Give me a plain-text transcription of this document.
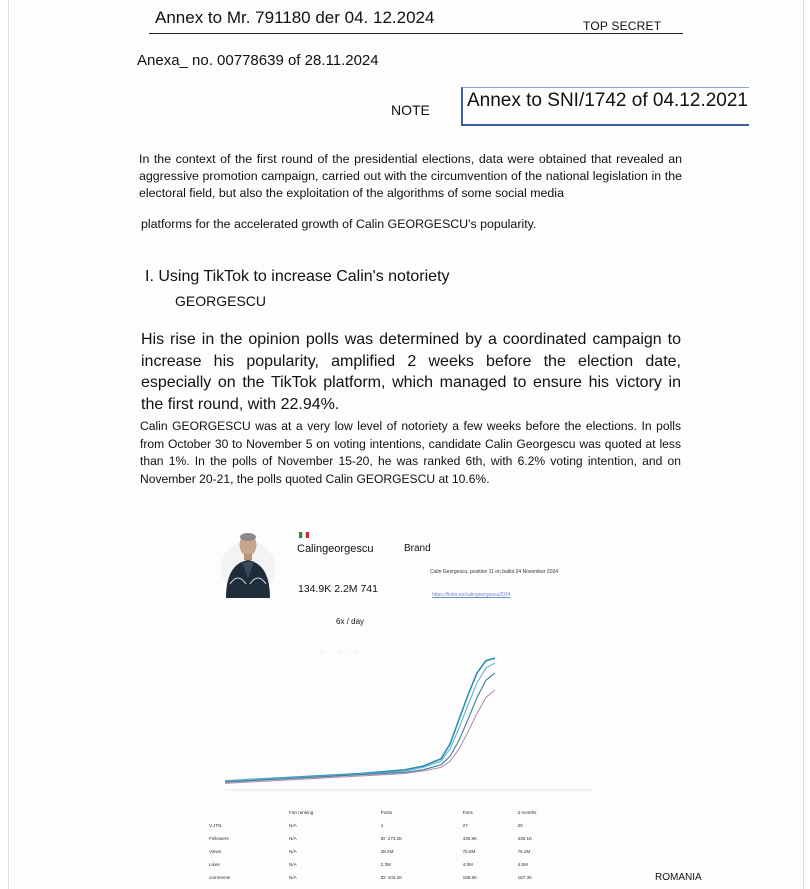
Annex to Mr. 791180 der 04. 12.2024	TOP SECRET
Anexa_ no. 00778639 of 28.11.2024
NOTE Annex to SNI/1742 of 04.12.2021
In the context of the first round of the presidential elections, data were obtained that revealed an aggressive promotion campaign, carried out with the circumvention of the national legislation in the electoral field, but also the exploitation of the algorithms of some social media
platforms for the accelerated growth of Calin GEORGESCU's popularity.
I. Using TikTok to increase Calin's notoriety
GEORGESCU
His rise in the opinion polls was determined by a coordinated campaign to increase his popularity, amplified 2 weeks before the election date, especially on the TikTok platform, which managed to ensure his victory in the first round, with 22.94%.
Calin GEORGESCU was at a very low level of notoriety a few weeks before the elections. In polls from October 30 to November 5 on voting intentions, candidate Calin Georgescu was quoted at less than 1%. In the polls of November 15-20, he was ranked 6th, with 6.2% voting intention, and on November 20-21, the polls quoted Calin GEORGESCU at 10.6%.
Calingeorgescu	Brand
Calin Georgescu, position 11 on ballot 24 November 2024
https://linktr.ee/calingeorgescu2024
134.9K 2.2M 741
6x / day
· · · ◇ · · · ◇ · · · ◇ · ·
· · ·
	Fan ranking	Posts	Fans	2 months
V.JTN.	N/A	4	27	29
Followers	N/A	ID: 273.2K	436.8K	438.1K
Views	N/A	38.2M	75.6M	75.2M
Likes	N/A	2.3M	4.5M	4.5M
comments	N/A	ID: 103.2K	186.8K	187.3K	ROMANIA
